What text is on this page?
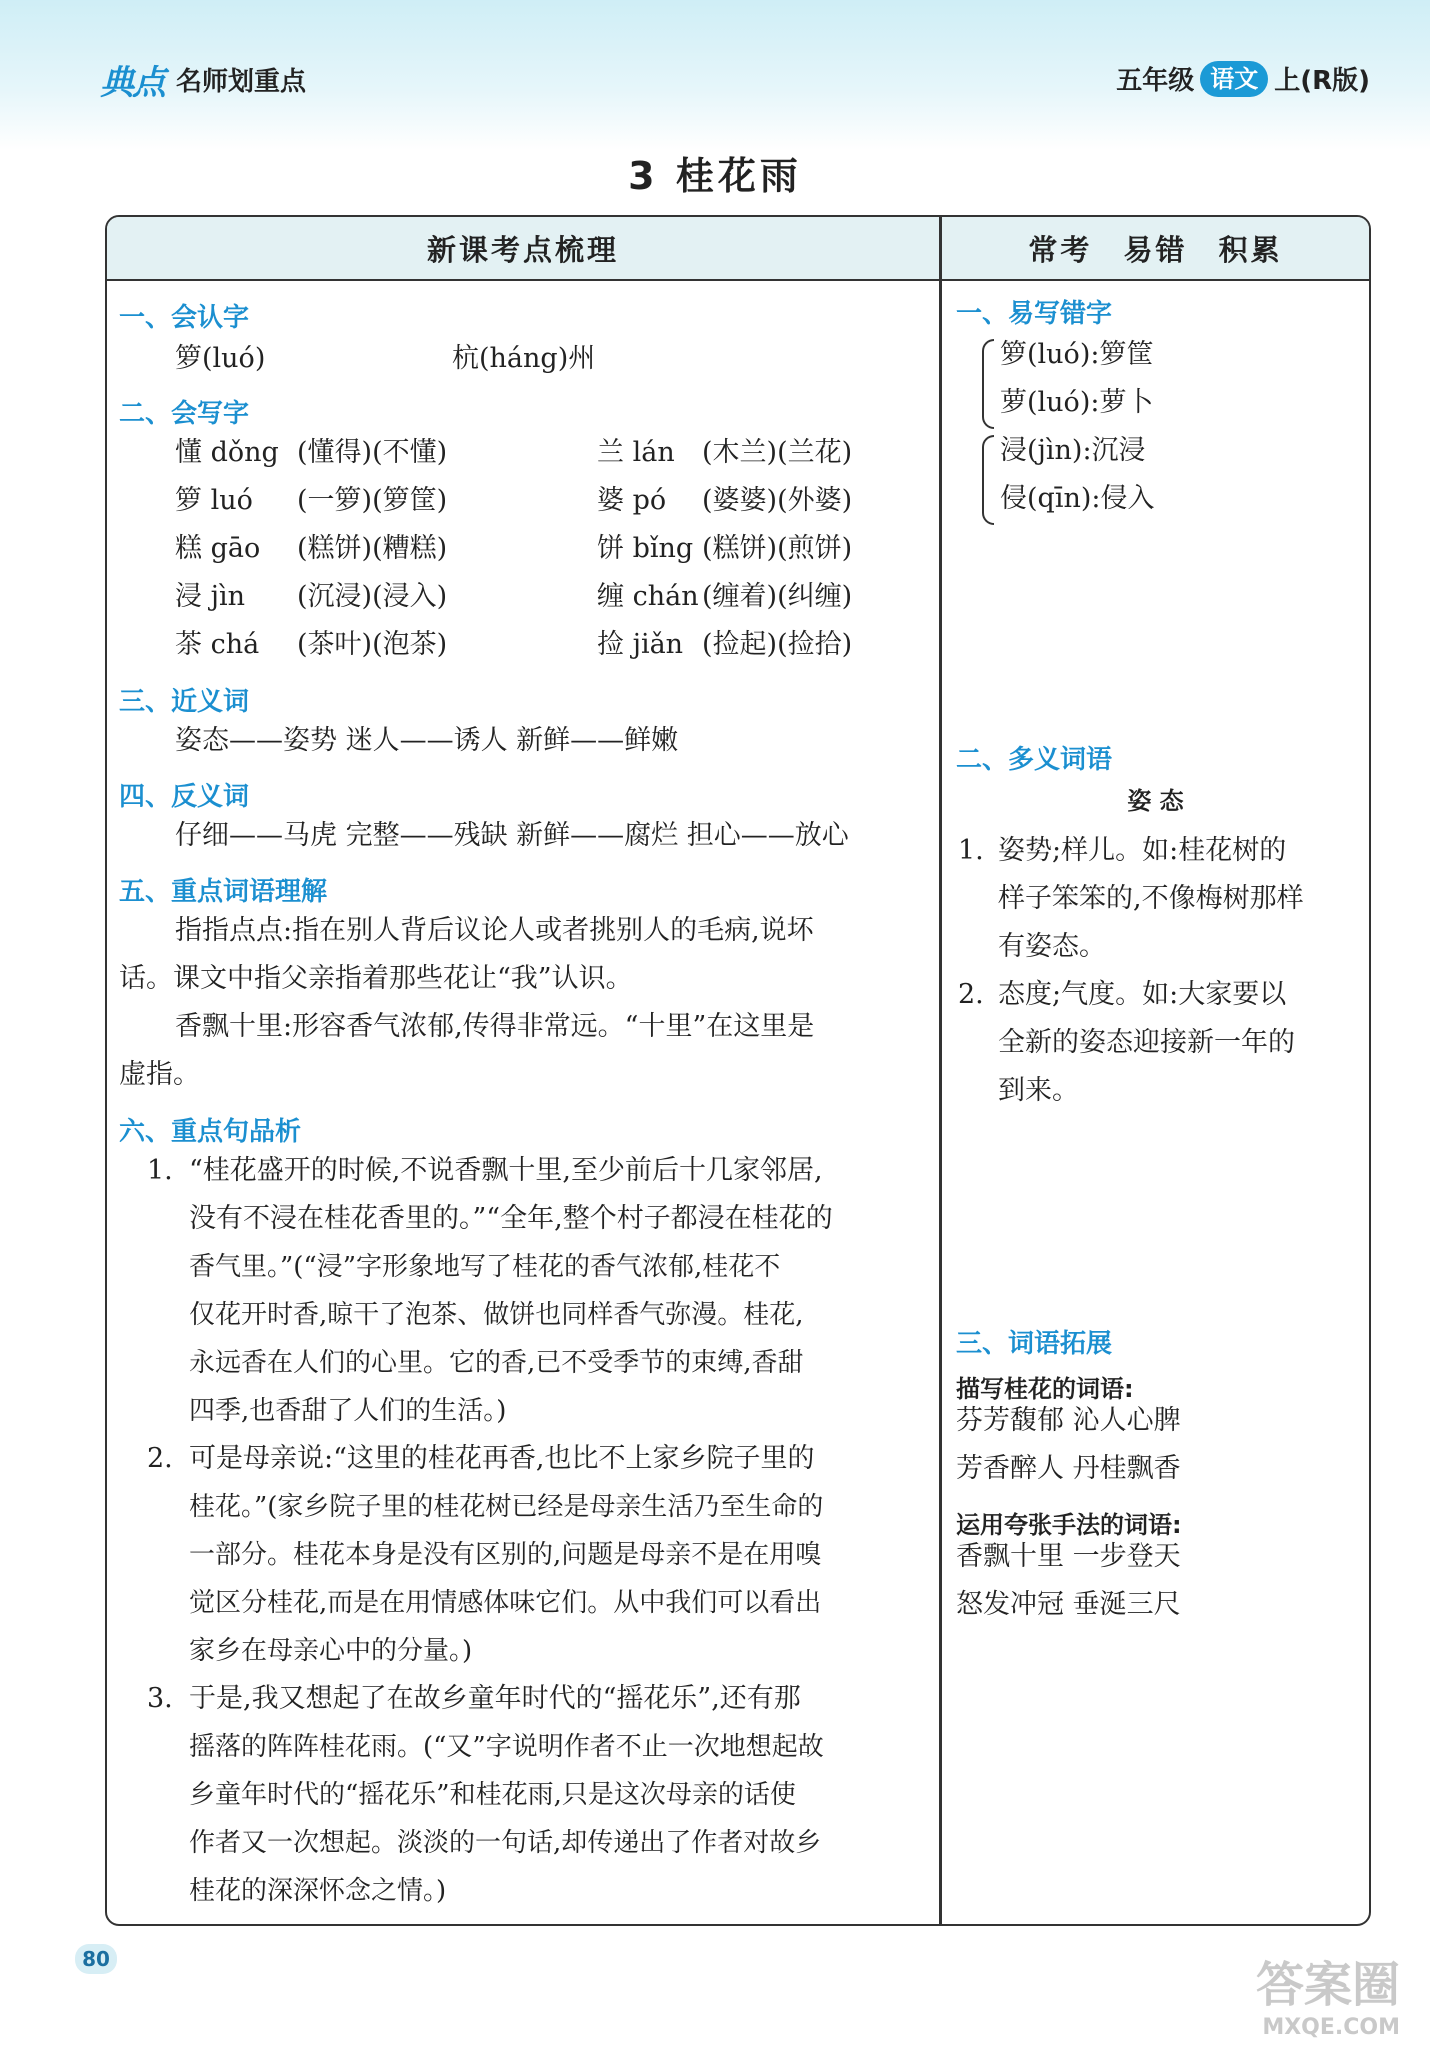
典点 名师划重点	五年级 语文 上(R版)
3 桂花雨
新课考点梳理	常考 易错 积累
一、会认字
箩(luó)	杭(háng)州
二、会写字
懂 dǒng (懂得)(不懂)	兰 lán (木兰)(兰花)
箩 luó (一箩)(箩筐)	婆 pó (婆婆)(外婆)
糕 gāo (糕饼)(糟糕)	饼 bǐng (糕饼)(煎饼)
浸 jìn (沉浸)(浸入)	缠 chán (缠着)(纠缠)
茶 chá (茶叶)(泡茶)	捡 jiǎn (捡起)(捡拾)
三、近义词
姿态——姿势 迷人——诱人 新鲜——鲜嫩
四、反义词
仔细——马虎 完整——残缺 新鲜——腐烂 担心——放心
五、重点词语理解
指指点点:指在别人背后议论人或者挑别人的毛病,说坏
话。课文中指父亲指着那些花让“我”认识。
香飘十里:形容香气浓郁,传得非常远。“十里”在这里是
虚指。
六、重点句品析
1. “桂花盛开的时候,不说香飘十里,至少前后十几家邻居,
没有不浸在桂花香里的。”“全年,整个村子都浸在桂花的
香气里。”(“浸”字形象地写了桂花的香气浓郁,桂花不
仅花开时香,晾干了泡茶、做饼也同样香气弥漫。桂花,
永远香在人们的心里。它的香,已不受季节的束缚,香甜
四季,也香甜了人们的生活。)
2. 可是母亲说:“这里的桂花再香,也比不上家乡院子里的
桂花。”(家乡院子里的桂花树已经是母亲生活乃至生命的
一部分。桂花本身是没有区别的,问题是母亲不是在用嗅
觉区分桂花,而是在用情感体味它们。从中我们可以看出
家乡在母亲心中的分量。)
3. 于是,我又想起了在故乡童年时代的“摇花乐”,还有那
摇落的阵阵桂花雨。(“又”字说明作者不止一次地想起故
乡童年时代的“摇花乐”和桂花雨,只是这次母亲的话使
作者又一次想起。淡淡的一句话,却传递出了作者对故乡
桂花的深深怀念之情。)
一、易写错字
箩(luó):箩筐
萝(luó):萝卜
浸(jìn):沉浸
侵(qīn):侵入
二、多义词语
姿 态
1. 姿势;样儿。如:桂花树的
样子笨笨的,不像梅树那样
有姿态。
2. 态度;气度。如:大家要以
全新的姿态迎接新一年的
到来。
三、词语拓展
描写桂花的词语:
芬芳馥郁 沁人心脾
芳香醉人 丹桂飘香
运用夸张手法的词语:
香飘十里 一步登天
怒发冲冠 垂涎三尺
80	答案圈
MXQE.COM
